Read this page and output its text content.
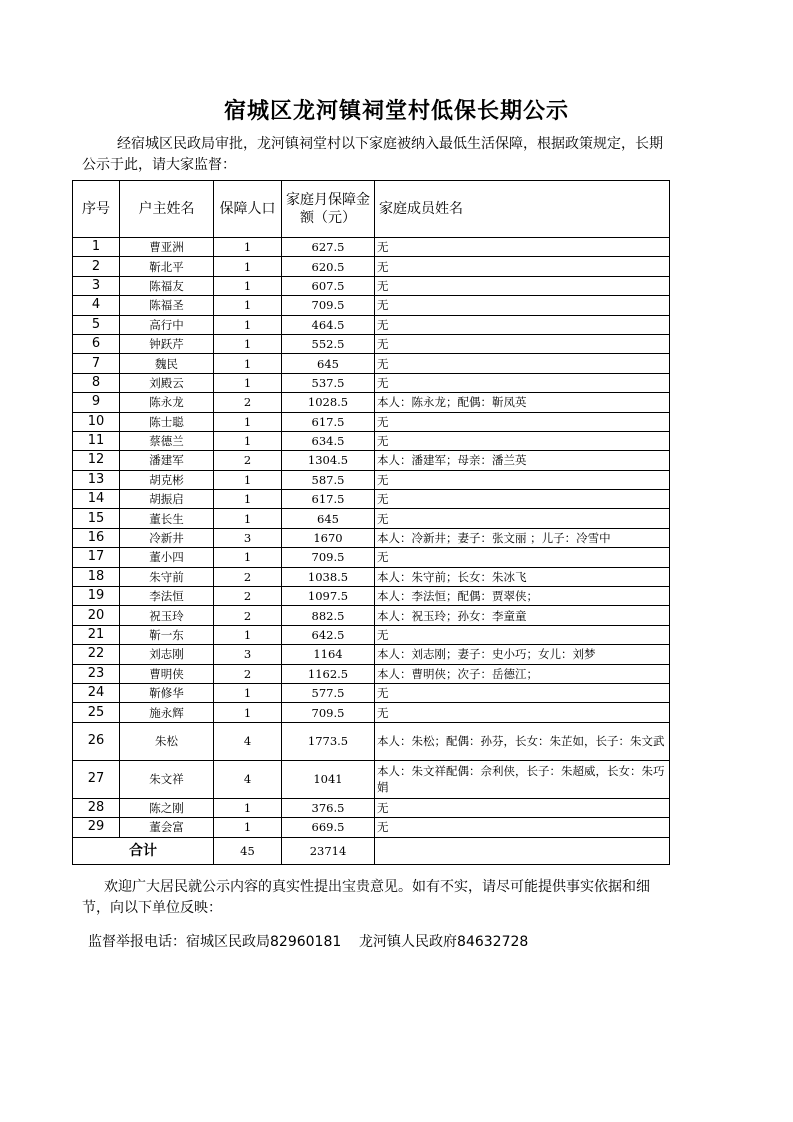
宿城区龙河镇祠堂村低保长期公示
经宿城区民政局审批，龙河镇祠堂村以下家庭被纳入最低生活保障，根据政策规定，长期公示于此，请大家监督：
序号	户主姓名	保障人口	家庭月保障金额（元）	家庭成员姓名
1	曹亚洲	1	627.5	无
2	靳北平	1	620.5	无
3	陈福友	1	607.5	无
4	陈福圣	1	709.5	无
5	高行中	1	464.5	无
6	钟跃芹	1	552.5	无
7	魏民	1	645	无
8	刘殿云	1	537.5	无
9	陈永龙	2	1028.5	本人：陈永龙；配偶：靳凤英
10	陈士聪	1	617.5	无
11	蔡德兰	1	634.5	无
12	潘建军	2	1304.5	本人：潘建军；母亲：潘兰英
13	胡克彬	1	587.5	无
14	胡振启	1	617.5	无
15	董长生	1	645	无
16	冷新井	3	1670	本人：冷新井；妻子：张文丽 ；儿子：冷雪中
17	董小四	1	709.5	无
18	朱守前	2	1038.5	本人：朱守前；长女：朱冰飞
19	李法恒	2	1097.5	本人：李法恒；配偶：贾翠侠；
20	祝玉玲	2	882.5	本人：祝玉玲；孙女：李童童
21	靳一东	1	642.5	无
22	刘志刚	3	1164	本人：刘志刚；妻子：史小巧；女儿：刘梦
23	曹明侠	2	1162.5	本人：曹明侠；次子：岳德江；
24	靳修华	1	577.5	无
25	施永辉	1	709.5	无
26	朱松	4	1773.5	本人：朱松；配偶：孙芬，长女：朱芷如，长子：朱文武
27	朱文祥	4	1041	本人：朱文祥配偶：佘利侠，长子：朱超威，长女：朱巧娟
28	陈之刚	1	376.5	无
29	董会富	1	669.5	无
合计		45	23714	
欢迎广大居民就公示内容的真实性提出宝贵意见。如有不实，请尽可能提供事实依据和细节，向以下单位反映：
监督举报电话：宿城区民政局82960181    龙河镇人民政府84632728
